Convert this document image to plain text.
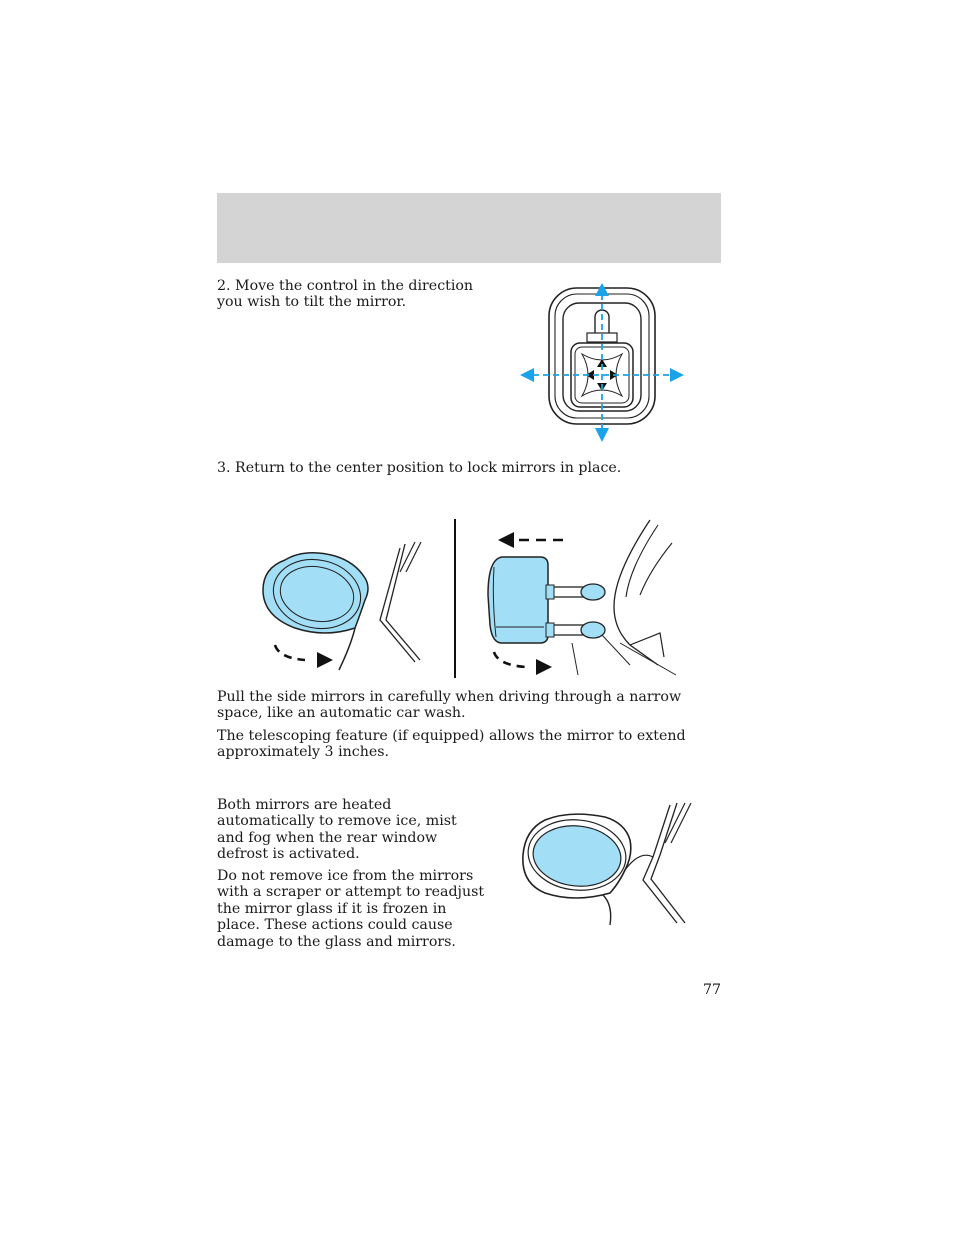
2. Move the control in the direction you wish to tilt the mirror.

3. Return to the center position to lock mirrors in place.

Pull the side mirrors in carefully when driving through a narrow space, like an automatic car wash.

The telescoping feature (if equipped) allows the mirror to extend approximately 3 inches.

Both mirrors are heated automatically to remove ice, mist and fog when the rear window defrost is activated.

Do not remove ice from the mirrors with a scraper or attempt to readjust the mirror glass if it is frozen in place. These actions could cause damage to the glass and mirrors.

77
